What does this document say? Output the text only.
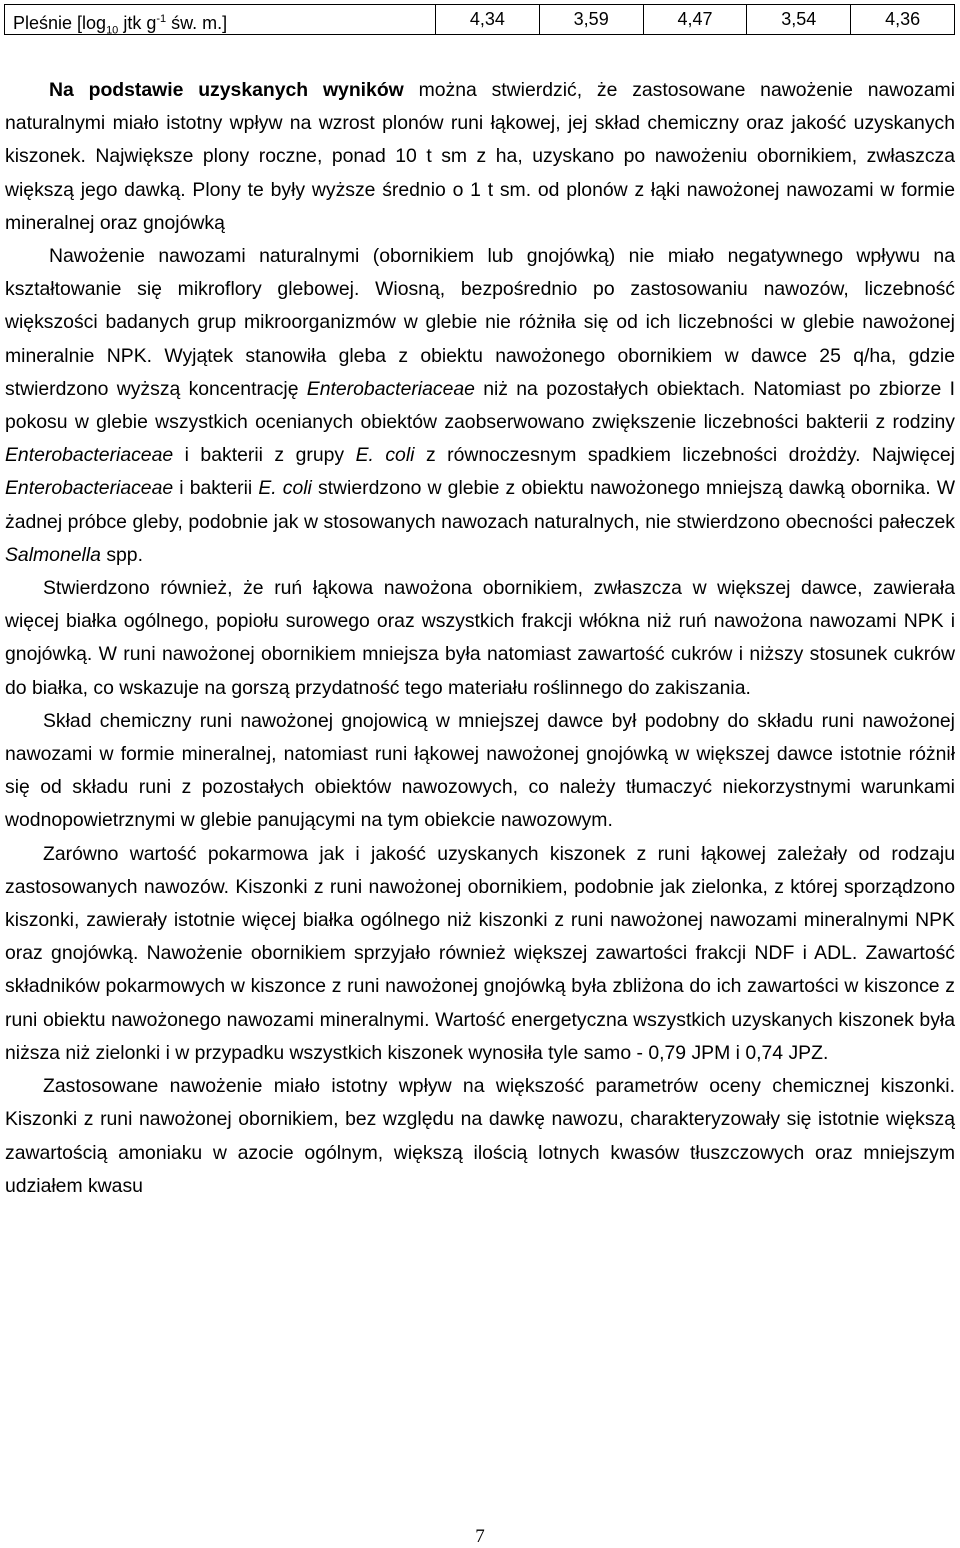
Pleśnie [$\log_{10}$ jtk $g^{-1}$ św. m.]	4,34	3,59	4,47	3,54	4,36

Na podstawie uzyskanych wyników można stwierdzić, że zastosowane nawożenie nawozami naturalnymi miało istotny wpływ na wzrost plonów runi łąkowej, jej skład chemiczny oraz jakość uzyskanych kiszonek. Największe plony roczne, ponad 10 t sm z ha, uzyskano po nawożeniu obornikiem, zwłaszcza większą jego dawką. Plony te były wyższe średnio o 1 t sm. od plonów z łąki nawożonej nawozami w formie mineralnej oraz gnojówką

Nawożenie nawozami naturalnymi (obornikiem lub gnojówką) nie miało negatywnego wpływu na kształtowanie się mikroflory glebowej. Wiosną, bezpośrednio po zastosowaniu nawozów, liczebność większości badanych grup mikroorganizmów w glebie nie różniła się od ich liczebności w glebie nawożonej mineralnie NPK. Wyjątek stanowiła gleba z obiektu nawożonego obornikiem w dawce 25 q/ha, gdzie stwierdzono wyższą koncentrację Enterobacteriaceae niż na pozostałych obiektach. Natomiast po zbiorze I pokosu w glebie wszystkich ocenianych obiektów zaobserwowano zwiększenie liczebności bakterii z rodziny Enterobacteriaceae i bakterii z grupy E. coli z równoczesnym spadkiem liczebności drożdży. Najwięcej Enterobacteriaceae i bakterii E. coli stwierdzono w glebie z obiektu nawożonego mniejszą dawką obornika. W żadnej próbce gleby, podobnie jak w stosowanych nawozach naturalnych, nie stwierdzono obecności pałeczek Salmonella spp.

Stwierdzono również, że ruń łąkowa nawożona obornikiem, zwłaszcza w większej dawce, zawierała więcej białka ogólnego, popiołu surowego oraz wszystkich frakcji włókna niż ruń nawożona nawozami NPK i gnojówką. W runi nawożonej obornikiem mniejsza była natomiast zawartość cukrów i niższy stosunek cukrów do białka, co wskazuje na gorszą przydatność tego materiału roślinnego do zakiszania.

Skład chemiczny runi nawożonej gnojowicą w mniejszej dawce był podobny do składu runi nawożonej nawozami w formie mineralnej, natomiast runi łąkowej nawożonej gnojówką w większej dawce istotnie różnił się od składu runi z pozostałych obiektów nawozowych, co należy tłumaczyć niekorzystnymi warunkami wodnopowietrznymi w glebie panującymi na tym obiekcie nawozowym.

Zarówno wartość pokarmowa jak i jakość uzyskanych kiszonek z runi łąkowej zależały od rodzaju zastosowanych nawozów. Kiszonki z runi nawożonej obornikiem, podobnie jak zielonka, z której sporządzono kiszonki, zawierały istotnie więcej białka ogólnego niż kiszonki z runi nawożonej nawozami mineralnymi NPK oraz gnojówką. Nawożenie obornikiem sprzyjało również większej zawartości frakcji NDF i ADL. Zawartość składników pokarmowych w kiszonce z runi nawożonej gnojówką była zbliżona do ich zawartości w kiszonce z runi obiektu nawożonego nawozami mineralnymi. Wartość energetyczna wszystkich uzyskanych kiszonek była niższa niż zielonki i w przypadku wszystkich kiszonek wynosiła tyle samo - 0,79 JPM i 0,74 JPZ.

Zastosowane nawożenie miało istotny wpływ na większość parametrów oceny chemicznej kiszonki. Kiszonki z runi nawożonej obornikiem, bez względu na dawkę nawozu, charakteryzowały się istotnie większą zawartością amoniaku w azocie ogólnym, większą ilością lotnych kwasów tłuszczowych oraz mniejszym udziałem kwasu

7
